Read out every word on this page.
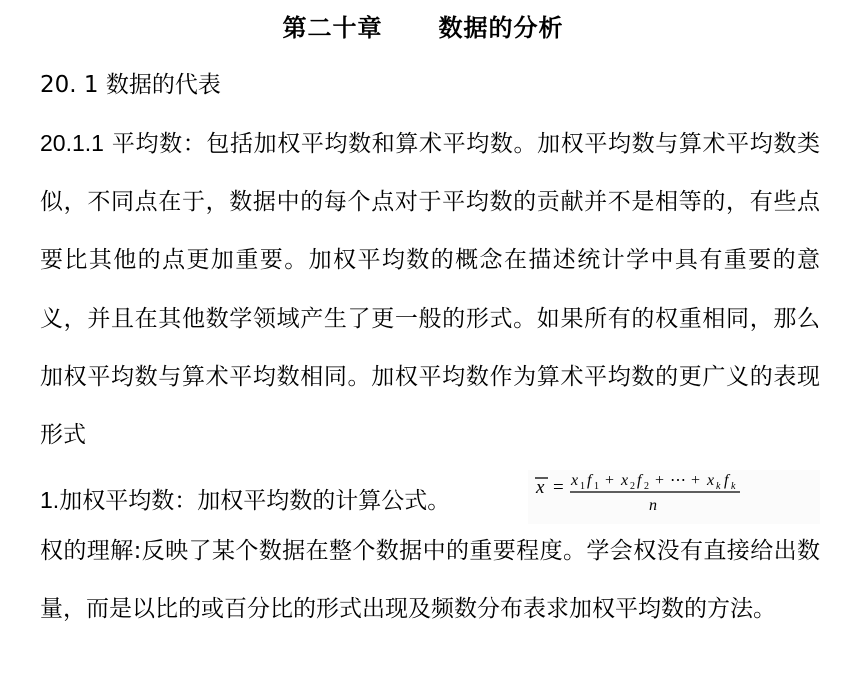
第二十章 数据的分析
20. 1 数据的代表
20.1.1 平均数：包括加权平均数和算术平均数。加权平均数与算术平均数类似，不同点在于，数据中的每个点对于平均数的贡献并不是相等的，有些点要比其他的点更加重要。加权平均数的概念在描述统计学中具有重要的意义，并且在其他数学领域产生了更一般的形式。如果所有的权重相同，那么加权平均数与算术平均数相同。加权平均数作为算术平均数的更广义的表现形式
1.加权平均数：加权平均数的计算公式。
x = x 1 f 1 + x 2 f 2 + ⋯ + x k f k
n
权的理解:反映了某个数据在整个数据中的重要程度。学会权没有直接给出数量，而是以比的或百分比的形式出现及频数分布表求加权平均数的方法。
